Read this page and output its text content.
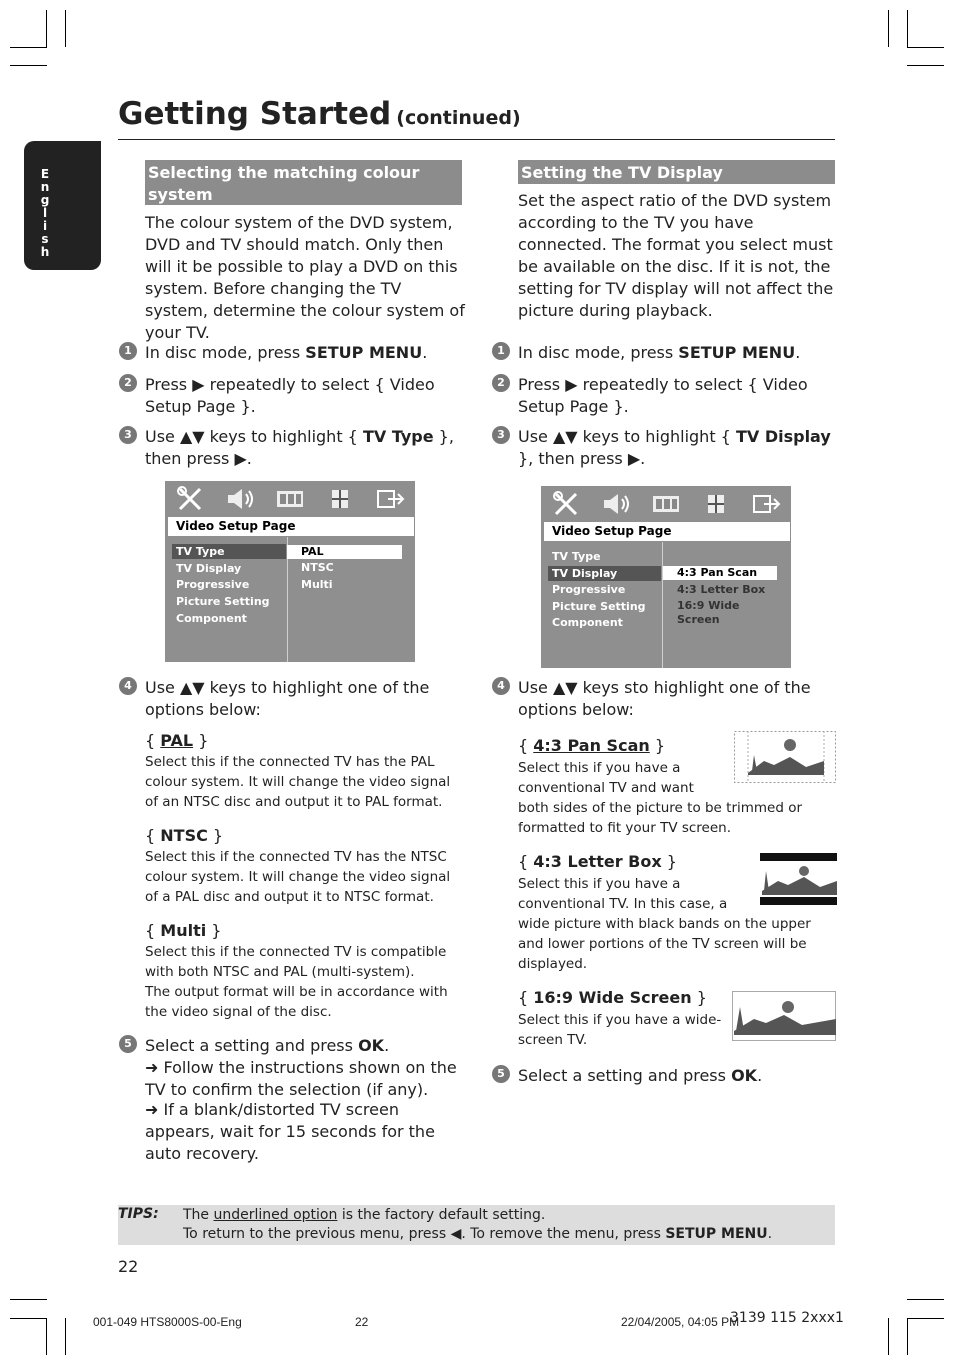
Getting Started (continued)
E
n
g
l
i
s
h
Selecting the matching colour system
The colour system of the DVD system, DVD and TV should match. Only then will it be possible to play a DVD on this system. Before changing the TV system, determine the colour system of your TV.
1 In disc mode, press SETUP MENU.
2 Press ▶ repeatedly to select { Video Setup Page }.
3 Use ▲▼ keys to highlight { TV Type }, then press ▶.
Video Setup Page
TV Type
TV Display
Progressive
Picture Setting
Component
PAL
NTSC
Multi
4 Use ▲▼ keys to highlight one of the options below:
{ PAL }
Select this if the connected TV has the PAL colour system. It will change the video signal of an NTSC disc and output it to PAL format.
{ NTSC }
Select this if the connected TV has the NTSC colour system. It will change the video signal of a PAL disc and output it to NTSC format.
{ Multi }
Select this if the connected TV is compatible with both NTSC and PAL (multi-system).
The output format will be in accordance with the video signal of the disc.
5 Select a setting and press OK.
➜ Follow the instructions shown on the TV to confirm the selection (if any).
➜ If a blank/distorted TV screen appears, wait for 15 seconds for the auto recovery.
Setting the TV Display
Set the aspect ratio of the DVD system according to the TV you have connected. The format you select must be available on the disc. If it is not, the setting for TV display will not affect the picture during playback.
1 In disc mode, press SETUP MENU.
2 Press ▶ repeatedly to select { Video Setup Page }.
3 Use ▲▼ keys to highlight { TV Display }, then press ▶.
Video Setup Page
TV Type
TV Display
Progressive
Picture Setting
Component
4:3 Pan Scan
4:3 Letter Box
16:9 Wide Screen
4 Use ▲▼ keys sto highlight one of the options below:
{ 4:3 Pan Scan }
Select this if you have a conventional TV and want
both sides of the picture to be trimmed or formatted to fit your TV screen.
{ 4:3 Letter Box }
Select this if you have a conventional TV. In this case, a
wide picture with black bands on the upper and lower portions of the TV screen will be displayed.
{ 16:9 Wide Screen }
Select this if you have a wide-screen TV.
5 Select a setting and press OK.
TIPS: The underlined option is the factory default setting.
To return to the previous menu, press ◀. To remove the menu, press SETUP MENU.
22
001-049 HTS8000S-00-Eng	22	22/04/2005, 04:05 PM
3139 115 2xxx1
